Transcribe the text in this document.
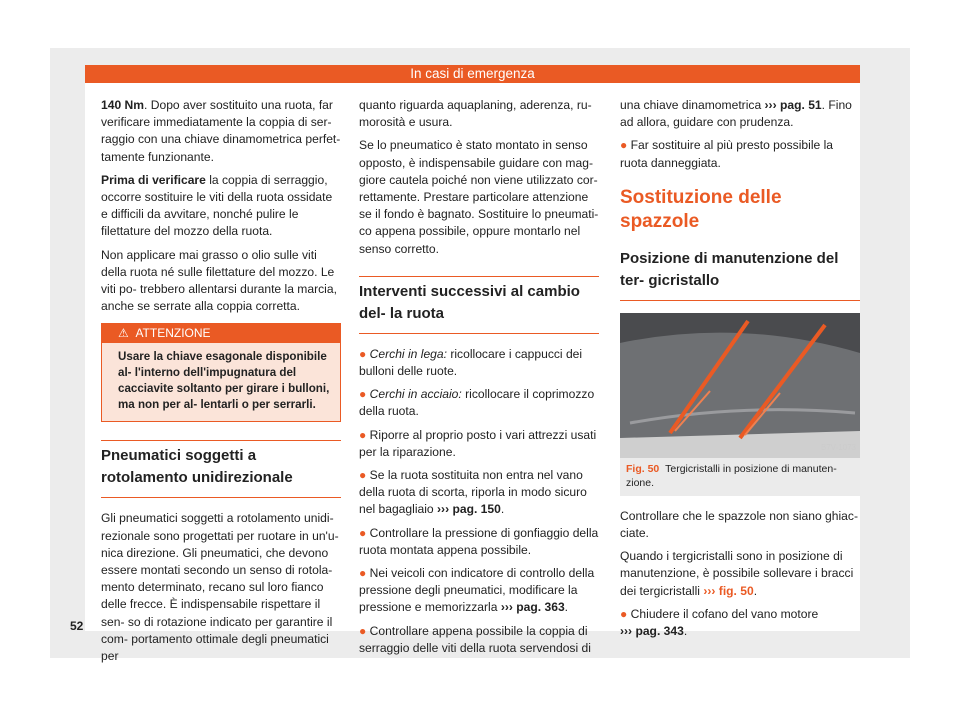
In casi di emergenza

140 Nm. Dopo aver sostituito una ruota, far verificare immediatamente la coppia di ser- raggio con una chiave dinamometrica perfet- tamente funzionante.

Prima di verificare la coppia di serraggio, occorre sostituire le viti della ruota ossidate e difficili da avvitare, nonché pulire le filettature del mozzo della ruota.

Non applicare mai grasso o olio sulle viti della ruota né sulle filettature del mozzo. Le viti po- trebbero allentarsi durante la marcia, anche se serrate alla coppia corretta.

⚠  ATTENZIONE
Usare la chiave esagonale disponibile al- l'interno dell'impugnatura del cacciavite soltanto per girare i bulloni, ma non per al- lentarli o per serrarli.
Pneumatici soggetti a rotolamento unidirezionale

Gli pneumatici soggetti a rotolamento unidi- rezionale sono progettati per ruotare in un'u- nica direzione. Gli pneumatici, che devono essere montati secondo un senso di rotola- mento determinato, recano sul loro fianco delle frecce. È indispensabile rispettare il sen- so di rotazione indicato per garantire il com- portamento ottimale degli pneumatici per

quanto riguarda aquaplaning, aderenza, ru- morosità e usura.

Se lo pneumatico è stato montato in senso opposto, è indispensabile guidare con mag- giore cautela poiché non viene utilizzato cor- rettamente. Prestare particolare attenzione se il fondo è bagnato. Sostituire lo pneumati- co appena possibile, oppure montarlo nel senso corretto.

Interventi successivi al cambio del- la ruota

● Cerchi in lega: ricollocare i cappucci dei bulloni delle ruote.

● Cerchi in acciaio: ricollocare il coprimozzo della ruota.

● Riporre al proprio posto i vari attrezzi usati per la riparazione.

● Se la ruota sostituita non entra nel vano della ruota di scorta, riporla in modo sicuro nel bagagliaio ››› pag. 150.

● Controllare la pressione di gonfiaggio della ruota montata appena possibile.

● Nei veicoli con indicatore di controllo della pressione degli pneumatici, modificare la pressione e memorizzarla ››› pag. 363.

● Controllare appena possibile la coppia di serraggio delle viti della ruota servendosi di

una chiave dinamometrica ››› pag. 51. Fino ad allora, guidare con prudenza.

● Far sostituire al più presto possibile la ruota danneggiata.

Sostituzione delle spazzole
Posizione di manutenzione del ter- gicristallo
B7V-1073
Fig. 50 Tergicristalli in posizione di manuten- zione.

Controllare che le spazzole non siano ghiac- ciate.

Quando i tergicristalli sono in posizione di manutenzione, è possibile sollevare i bracci dei tergicristalli ››› fig. 50.

● Chiudere il cofano del vano motore
››› pag. 343.

52
